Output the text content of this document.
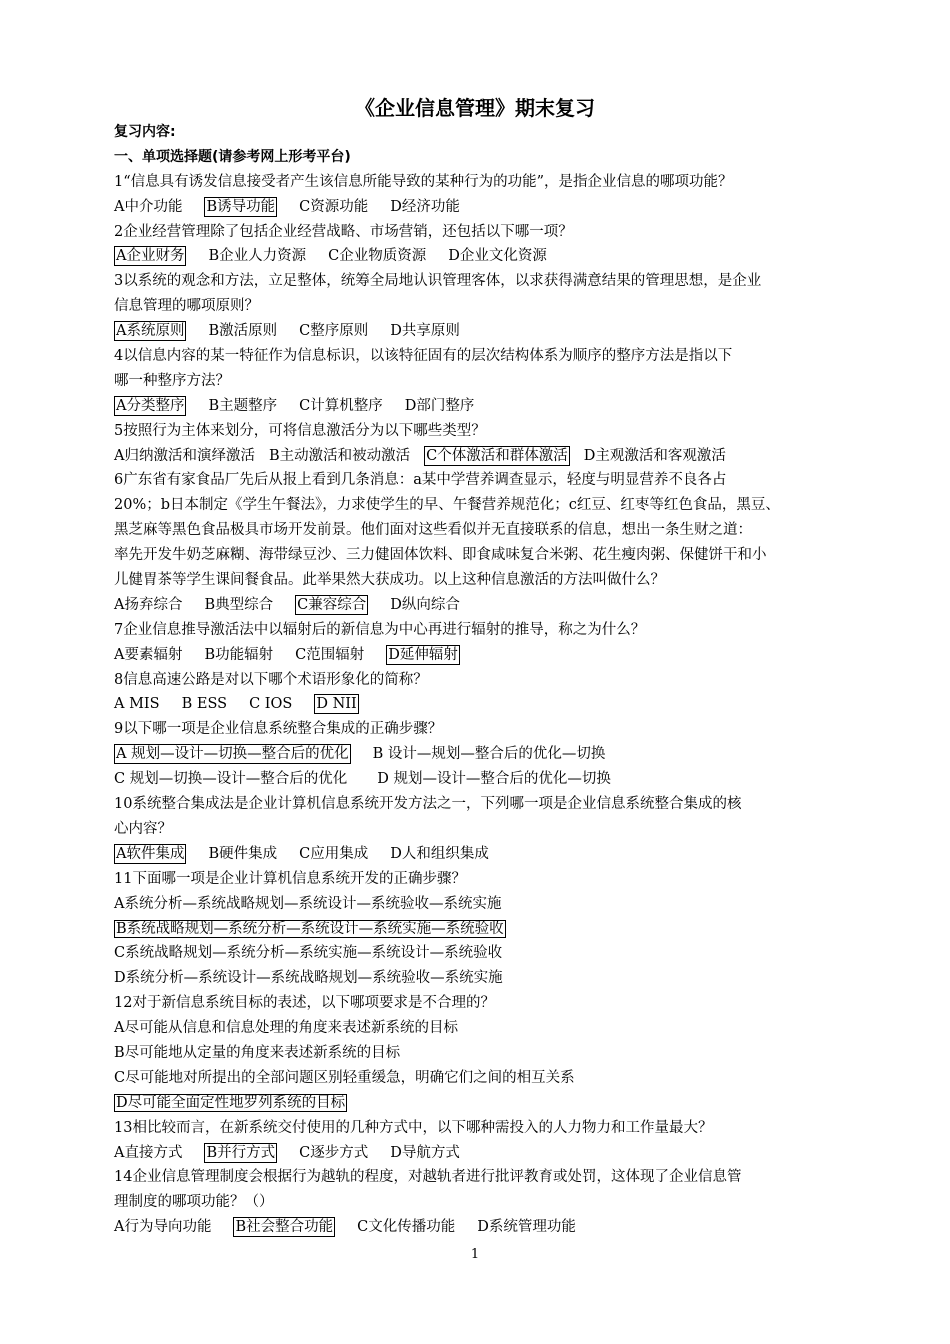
《企业信息管理》期末复习
复习内容:
一、单项选择题(请参考网上形考平台)
1“信息具有诱发信息接受者产生该信息所能导致的某种行为的功能”，是指企业信息的哪项功能？
A中介功能 B诱导功能 C资源功能 D经济功能
2企业经营管理除了包括企业经营战略、市场营销，还包括以下哪一项？
A企业财务 B企业人力资源 C企业物质资源 D企业文化资源
3以系统的观念和方法，立足整体，统筹全局地认识管理客体，以求获得满意结果的管理思想，是企业
信息管理的哪项原则？
A系统原则 B激活原则 C整序原则 D共享原则
4以信息内容的某一特征作为信息标识，以该特征固有的层次结构体系为顺序的整序方法是指以下
哪一种整序方法？
A分类整序 B主题整序 C计算机整序 D部门整序
5按照行为主体来划分，可将信息激活分为以下哪些类型？
A归纳激活和演绎激活 B主动激活和被动激活 C个体激活和群体激活 D主观激活和客观激活
6广东省有家食品厂先后从报上看到几条消息：a某中学营养调查显示，轻度与明显营养不良各占
20%；b日本制定《学生午餐法》，力求使学生的早、午餐营养规范化；c红豆、红枣等红色食品，黑豆、
黑芝麻等黑色食品极具市场开发前景。他们面对这些看似并无直接联系的信息，想出一条生财之道：
率先开发牛奶芝麻糊、海带绿豆沙、三力健固体饮料、即食咸味复合米粥、花生瘦肉粥、保健饼干和小
儿健胃茶等学生课间餐食品。此举果然大获成功。以上这种信息激活的方法叫做什么？
A扬弃综合 B典型综合 C兼容综合 D纵向综合
7企业信息推导激活法中以辐射后的新信息为中心再进行辐射的推导，称之为什么？
A要素辐射 B功能辐射 C范围辐射 D延伸辐射
8信息高速公路是对以下哪个术语形象化的简称？
A MIS B ESS C IOS D NII
9以下哪一项是企业信息系统整合集成的正确步骤？
A 规划—设计—切换—整合后的优化 B 设计—规划—整合后的优化—切换
C 规划—切换—设计—整合后的优化 D 规划—设计—整合后的优化—切换
10系统整合集成法是企业计算机信息系统开发方法之一，下列哪一项是企业信息系统整合集成的核
心内容？
A软件集成 B硬件集成 C应用集成 D人和组织集成
11下面哪一项是企业计算机信息系统开发的正确步骤？
A系统分析—系统战略规划—系统设计—系统验收—系统实施
B系统战略规划—系统分析—系统设计—系统实施—系统验收
C系统战略规划—系统分析—系统实施—系统设计—系统验收
D系统分析—系统设计—系统战略规划—系统验收—系统实施
12对于新信息系统目标的表述，以下哪项要求是不合理的？
A尽可能从信息和信息处理的角度来表述新系统的目标
B尽可能地从定量的角度来表述新系统的目标
C尽可能地对所提出的全部问题区别轻重缓急，明确它们之间的相互关系
D尽可能全面定性地罗列系统的目标
13相比较而言，在新系统交付使用的几种方式中，以下哪种需投入的人力物力和工作量最大？
A直接方式 B并行方式 C逐步方式 D导航方式
14企业信息管理制度会根据行为越轨的程度，对越轨者进行批评教育或处罚，这体现了企业信息管
理制度的哪项功能？（）
A行为导向功能 B社会整合功能 C文化传播功能 D系统管理功能
1
